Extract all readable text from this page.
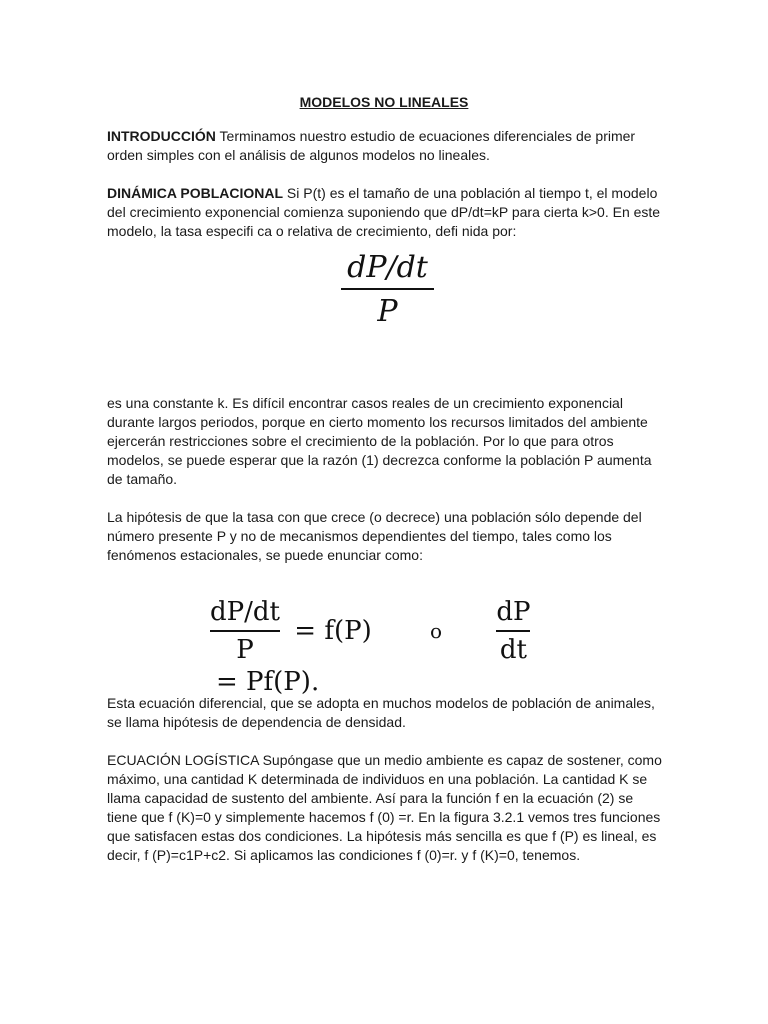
MODELOS NO LINEALES
INTRODUCCIÓN Terminamos nuestro estudio de ecuaciones diferenciales de primer orden simples con el análisis de algunos modelos no lineales.
DINÁMICA POBLACIONAL Si P(t) es el tamaño de una población al tiempo t, el modelo del crecimiento exponencial comienza suponiendo que dP/dt=kP para cierta k>0. En este modelo, la tasa especifi ca o relativa de crecimiento, defi nida por:
$\frac{dP/dt}{P}$
es una constante k. Es difícil encontrar casos reales de un crecimiento exponencial durante largos periodos, porque en cierto momento los recursos limitados del ambiente ejercerán restricciones sobre el crecimiento de la población. Por lo que para otros modelos, se puede esperar que la razón (1) decrezca conforme la población P aumenta de tamaño.
La hipótesis de que la tasa con que crece (o decrece) una población sólo depende del número presente P y no de mecanismos dependientes del tiempo, tales como los fenómenos estacionales, se puede enunciar como:
$\frac{dP/dt}{P} = f(P)$	o $\frac{dP}{dt}$
= Pf(P).
Esta ecuación diferencial, que se adopta en muchos modelos de población de animales, se llama hipótesis de dependencia de densidad.
ECUACIÓN LOGÍSTICA Supóngase que un medio ambiente es capaz de sostener, como máximo, una cantidad K determinada de individuos en una población. La cantidad K se llama capacidad de sustento del ambiente. Así para la función f en la ecuación (2) se tiene que f (K)=0 y simplemente hacemos f (0) =r. En la figura 3.2.1 vemos tres funciones que satisfacen estas dos condiciones. La hipótesis más sencilla es que f (P) es lineal, es decir, f (P)=c1P+c2. Si aplicamos las condiciones f (0)=r. y f (K)=0, tenemos.
